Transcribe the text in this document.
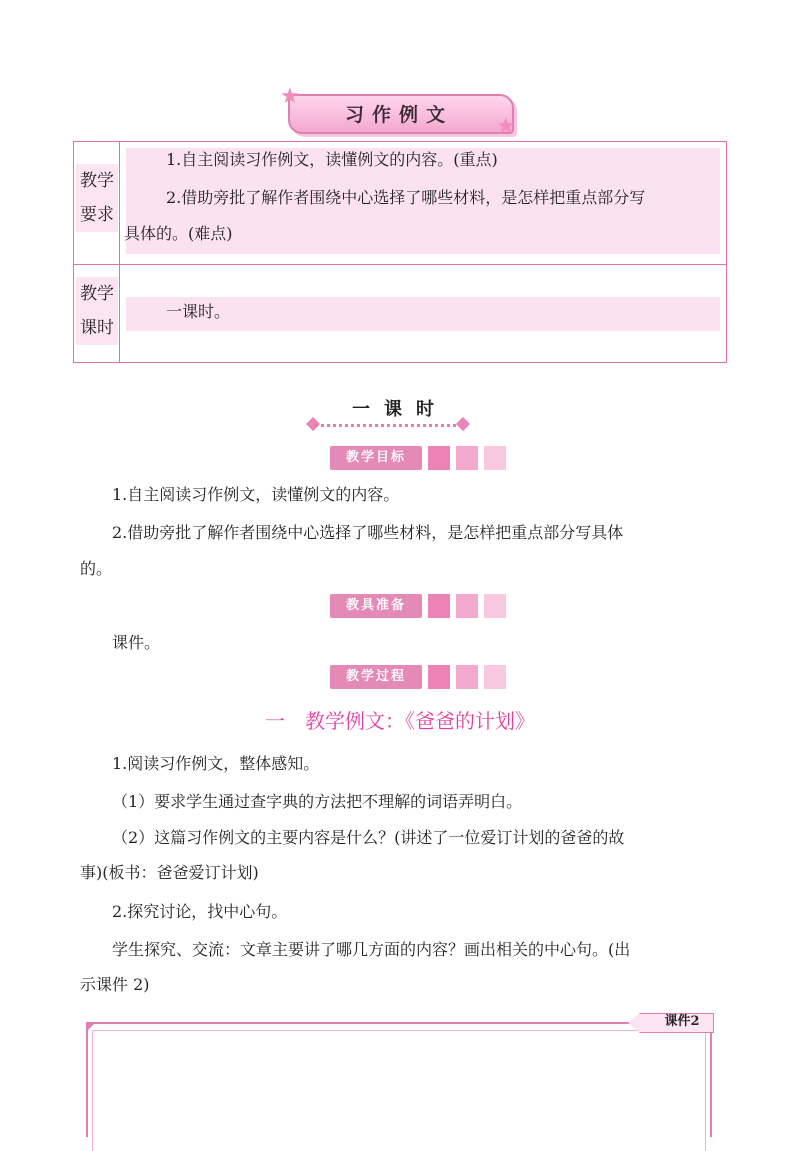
习作例文
★
★
教学
要求
1.自主阅读习作例文，读懂例文的内容。(重点)
2.借助旁批了解作者围绕中心选择了哪些材料，是怎样把重点部分写
具体的。(难点)
教学
课时
一课时。
一课时
教学目标
1.自主阅读习作例文，读懂例文的内容。
2.借助旁批了解作者围绕中心选择了哪些材料，是怎样把重点部分写具体
的。
教具准备
课件。
教学过程
一　教学例文：《爸爸的计划》
1.阅读习作例文，整体感知。
（1）要求学生通过查字典的方法把不理解的词语弄明白。
（2）这篇习作例文的主要内容是什么？(讲述了一位爱订计划的爸爸的故
事)(板书：爸爸爱订计划)
2.探究讨论，找中心句。
学生探究、交流：文章主要讲了哪几方面的内容？画出相关的中心句。(出
示课件 2)
课件2
